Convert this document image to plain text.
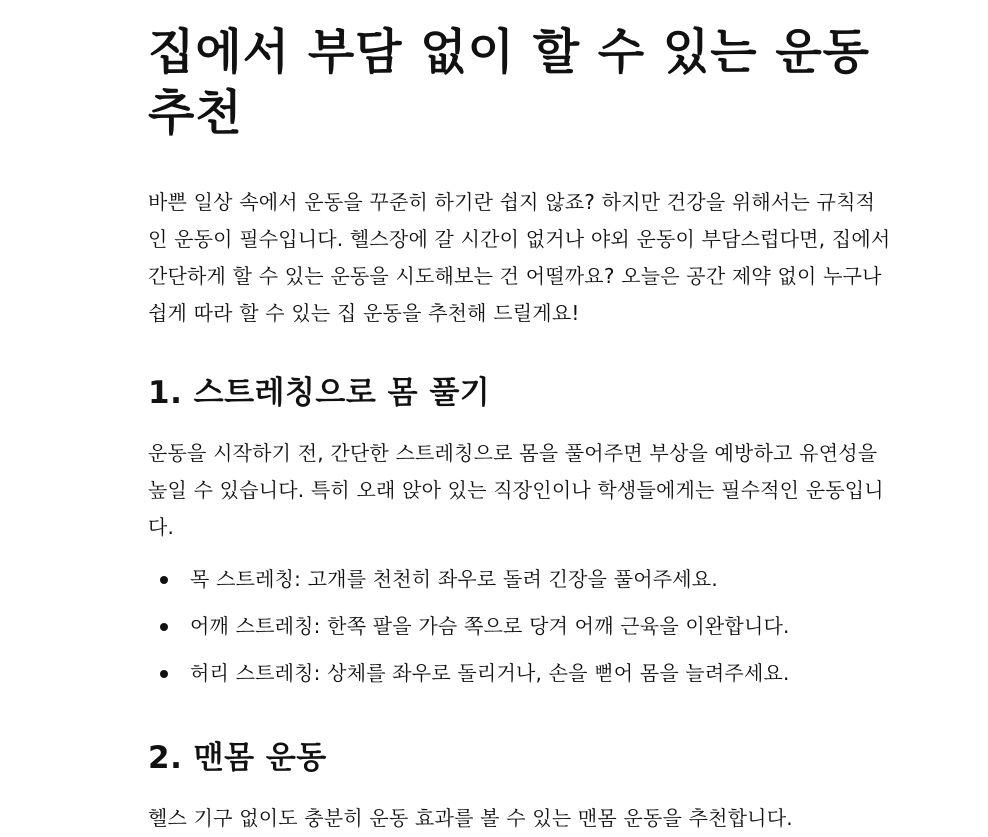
집에서 부담 없이 할 수 있는 운동 추천

바쁜 일상 속에서 운동을 꾸준히 하기란 쉽지 않죠? 하지만 건강을 위해서는 규칙적인 운동이 필수입니다. 헬스장에 갈 시간이 없거나 야외 운동이 부담스럽다면, 집에서 간단하게 할 수 있는 운동을 시도해보는 건 어떨까요? 오늘은 공간 제약 없이 누구나 쉽게 따라 할 수 있는 집 운동을 추천해 드릴게요!

1. 스트레칭으로 몸 풀기

운동을 시작하기 전, 간단한 스트레칭으로 몸을 풀어주면 부상을 예방하고 유연성을 높일 수 있습니다. 특히 오래 앉아 있는 직장인이나 학생들에게는 필수적인 운동입니다.

목 스트레칭: 고개를 천천히 좌우로 돌려 긴장을 풀어주세요.
어깨 스트레칭: 한쪽 팔을 가슴 쪽으로 당겨 어깨 근육을 이완합니다.
허리 스트레칭: 상체를 좌우로 돌리거나, 손을 뻗어 몸을 늘려주세요.
2. 맨몸 운동

헬스 기구 없이도 충분히 운동 효과를 볼 수 있는 맨몸 운동을 추천합니다.
